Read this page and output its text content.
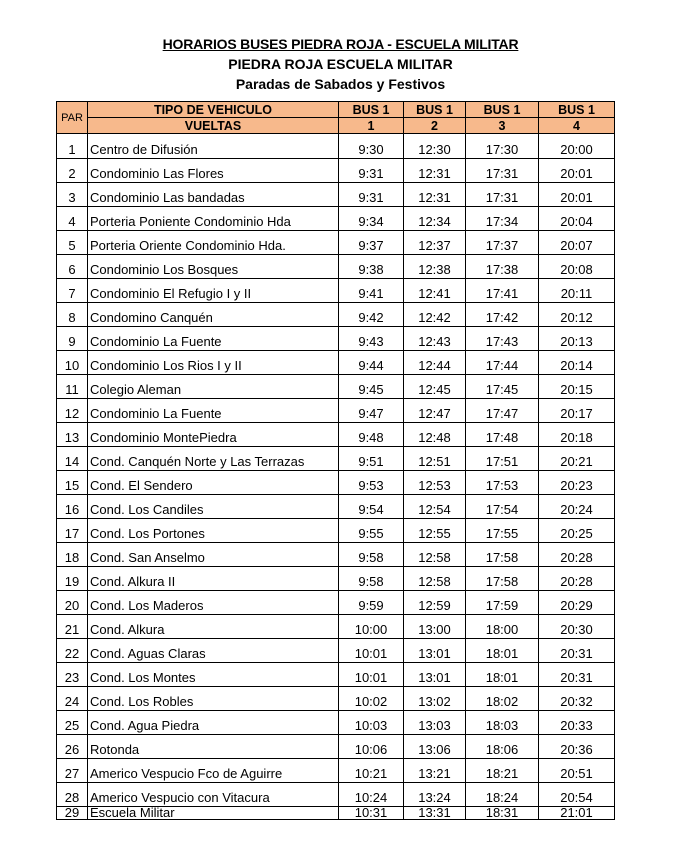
HORARIOS BUSES PIEDRA ROJA - ESCUELA MILITAR
PIEDRA ROJA ESCUELA MILITAR
Paradas de Sabados y Festivos
PAR	TIPO DE VEHICULO	BUS 1	BUS 1	BUS 1	BUS 1
	VUELTAS	1	2	3	4
1	Centro de Difusión	9:30	12:30	17:30	20:00
2	Condominio Las Flores	9:31	12:31	17:31	20:01
3	Condominio Las bandadas	9:31	12:31	17:31	20:01
4	Porteria Poniente Condominio Hda	9:34	12:34	17:34	20:04
5	Porteria Oriente Condominio Hda.	9:37	12:37	17:37	20:07
6	Condominio Los Bosques	9:38	12:38	17:38	20:08
7	Condominio El Refugio I y II	9:41	12:41	17:41	20:11
8	Condomino Canquén	9:42	12:42	17:42	20:12
9	Condominio La Fuente	9:43	12:43	17:43	20:13
10	Condominio Los Rios I y II	9:44	12:44	17:44	20:14
11	Colegio Aleman	9:45	12:45	17:45	20:15
12	Condominio La Fuente	9:47	12:47	17:47	20:17
13	Condominio MontePiedra	9:48	12:48	17:48	20:18
14	Cond. Canquén Norte y Las Terrazas	9:51	12:51	17:51	20:21
15	Cond. El Sendero	9:53	12:53	17:53	20:23
16	Cond. Los Candiles	9:54	12:54	17:54	20:24
17	Cond. Los Portones	9:55	12:55	17:55	20:25
18	Cond. San Anselmo	9:58	12:58	17:58	20:28
19	Cond. Alkura II	9:58	12:58	17:58	20:28
20	Cond. Los Maderos	9:59	12:59	17:59	20:29
21	Cond. Alkura	10:00	13:00	18:00	20:30
22	Cond. Aguas Claras	10:01	13:01	18:01	20:31
23	Cond. Los Montes	10:01	13:01	18:01	20:31
24	Cond. Los Robles	10:02	13:02	18:02	20:32
25	Cond. Agua Piedra	10:03	13:03	18:03	20:33
26	Rotonda	10:06	13:06	18:06	20:36
27	Americo Vespucio Fco de Aguirre	10:21	13:21	18:21	20:51
28	Americo Vespucio con Vitacura	10:24	13:24	18:24	20:54
29	Escuela Militar	10:31	13:31	18:31	21:01
